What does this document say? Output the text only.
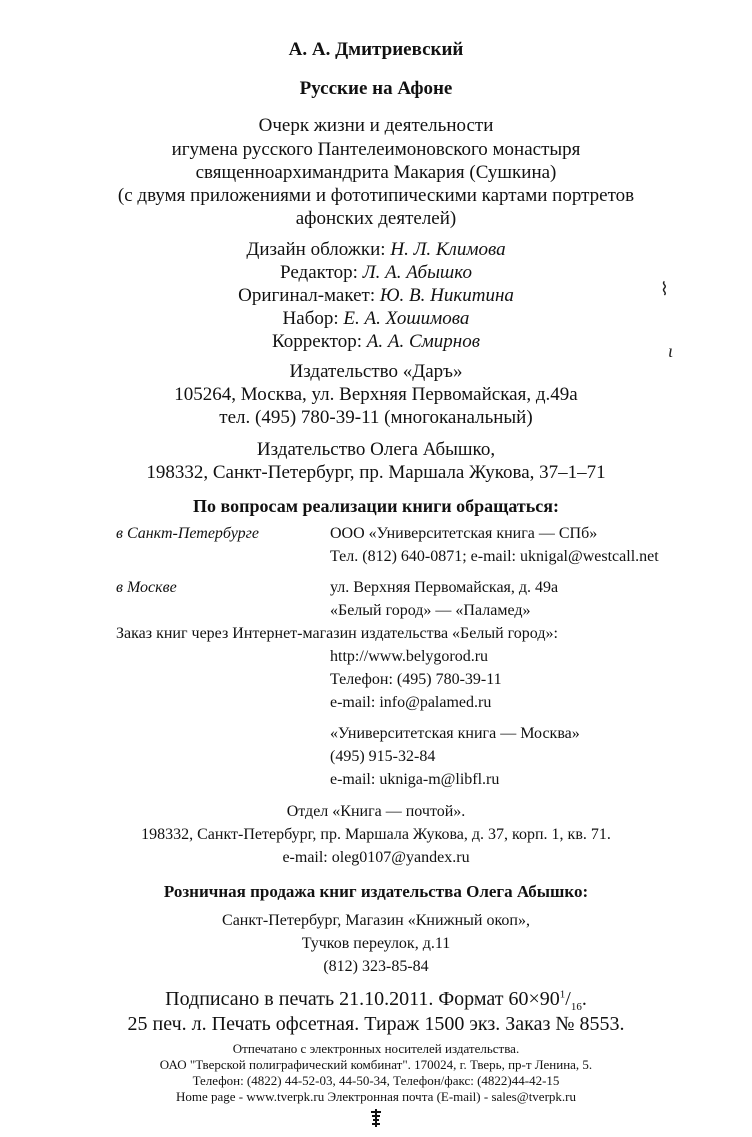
А. А. Дмитриевский
Русские на Афоне
Очерк жизни и деятельности
игумена русского Пантелеимоновского монастыря
священноархимандрита Макария (Сушкина)
(с двумя приложениями и фототипическими картами портретов
афонских деятелей)
Дизайн обложки: Н. Л. Климова
Редактор: Л. А. Абышко
Оригинал-макет: Ю. В. Никитина
Набор: Е. А. Хошимова
Корректор: А. А. Смирнов
Издательство «Даръ»
105264, Москва, ул. Верхняя Первомайская, д.49а
тел. (495) 780-39-11 (многоканальный)
Издательство Олега Абышко,
198332, Санкт-Петербург, пр. Маршала Жукова, 37–1–71
По вопросам реализации книги обращаться:
в Санкт-Петербурге	ООО «Университетская книга — СПб»
Тел. (812) 640-0871; e-mail: uknigal@westcall.net
в Москве	ул. Верхняя Первомайская, д. 49а
«Белый город» — «Паламед»
Заказ книг через Интернет-магазин издательства «Белый город»:
http://www.belygorod.ru
Телефон: (495) 780-39-11
e-mail: info@palamed.ru
«Университетская книга — Москва»
(495) 915-32-84
e-mail: ukniga-m@libfl.ru
Отдел «Книга — почтой».
198332, Санкт-Петербург, пр. Маршала Жукова, д. 37, корп. 1, кв. 71.
e-mail: oleg0107@yandex.ru
Розничная продажа книг издательства Олега Абышко:
Санкт-Петербург, Магазин «Книжный окоп»,
Тучков переулок, д.11
(812) 323-85-84
Подписано в печать 21.10.2011. Формат $60\times 90^1/_{16}$.
25 печ. л. Печать офсетная. Тираж 1500 экз. Заказ № 8553.
Отпечатано с электронных носителей издательства.
ОАО "Тверской полиграфический комбинат". 170024, г. Тверь, пр-т Ленина, 5.
Телефон: (4822) 44-52-03, 44-50-34, Телефон/факс: (4822)44-42-15
Home page - www.tverpk.ru Электронная почта (E-mail) - sales@tverpk.ru
⌇
ι
